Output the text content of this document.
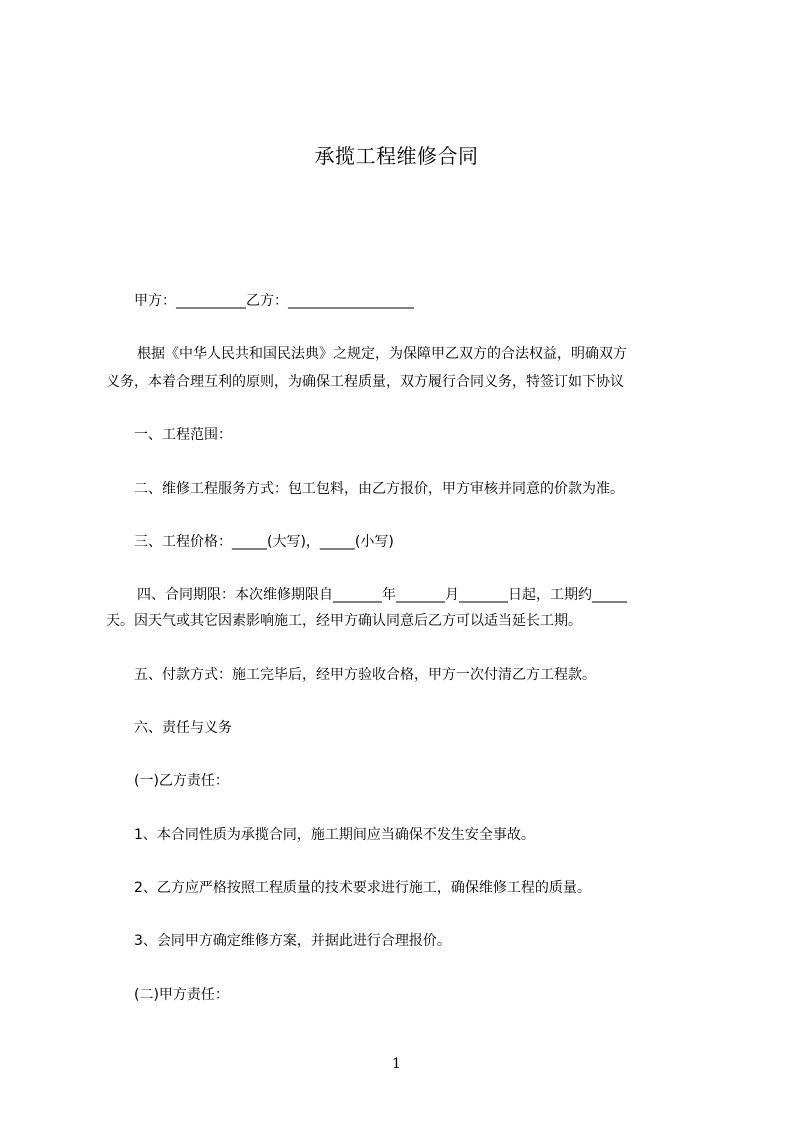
承揽工程维修合同
甲方：__________乙方：__________________
根据《中华人民共和国民法典》之规定，为保障甲乙双方的合法权益，明确双方
义务，本着合理互利的原则，为确保工程质量，双方履行合同义务，特签订如下协议
一、工程范围：
二、维修工程服务方式：包工包料，由乙方报价，甲方审核并同意的价款为准。
三、工程价格：_____(大写)，_____(小写)
四、合同期限：本次维修期限自_______年_______月_______日起，工期约_____
天。因天气或其它因素影响施工，经甲方确认同意后乙方可以适当延长工期。
五、付款方式：施工完毕后，经甲方验收合格，甲方一次付清乙方工程款。
六、责任与义务
(一)乙方责任：
1、本合同性质为承揽合同，施工期间应当确保不发生安全事故。
2、乙方应严格按照工程质量的技术要求进行施工，确保维修工程的质量。
3、会同甲方确定维修方案，并据此进行合理报价。
(二)甲方责任：
1
